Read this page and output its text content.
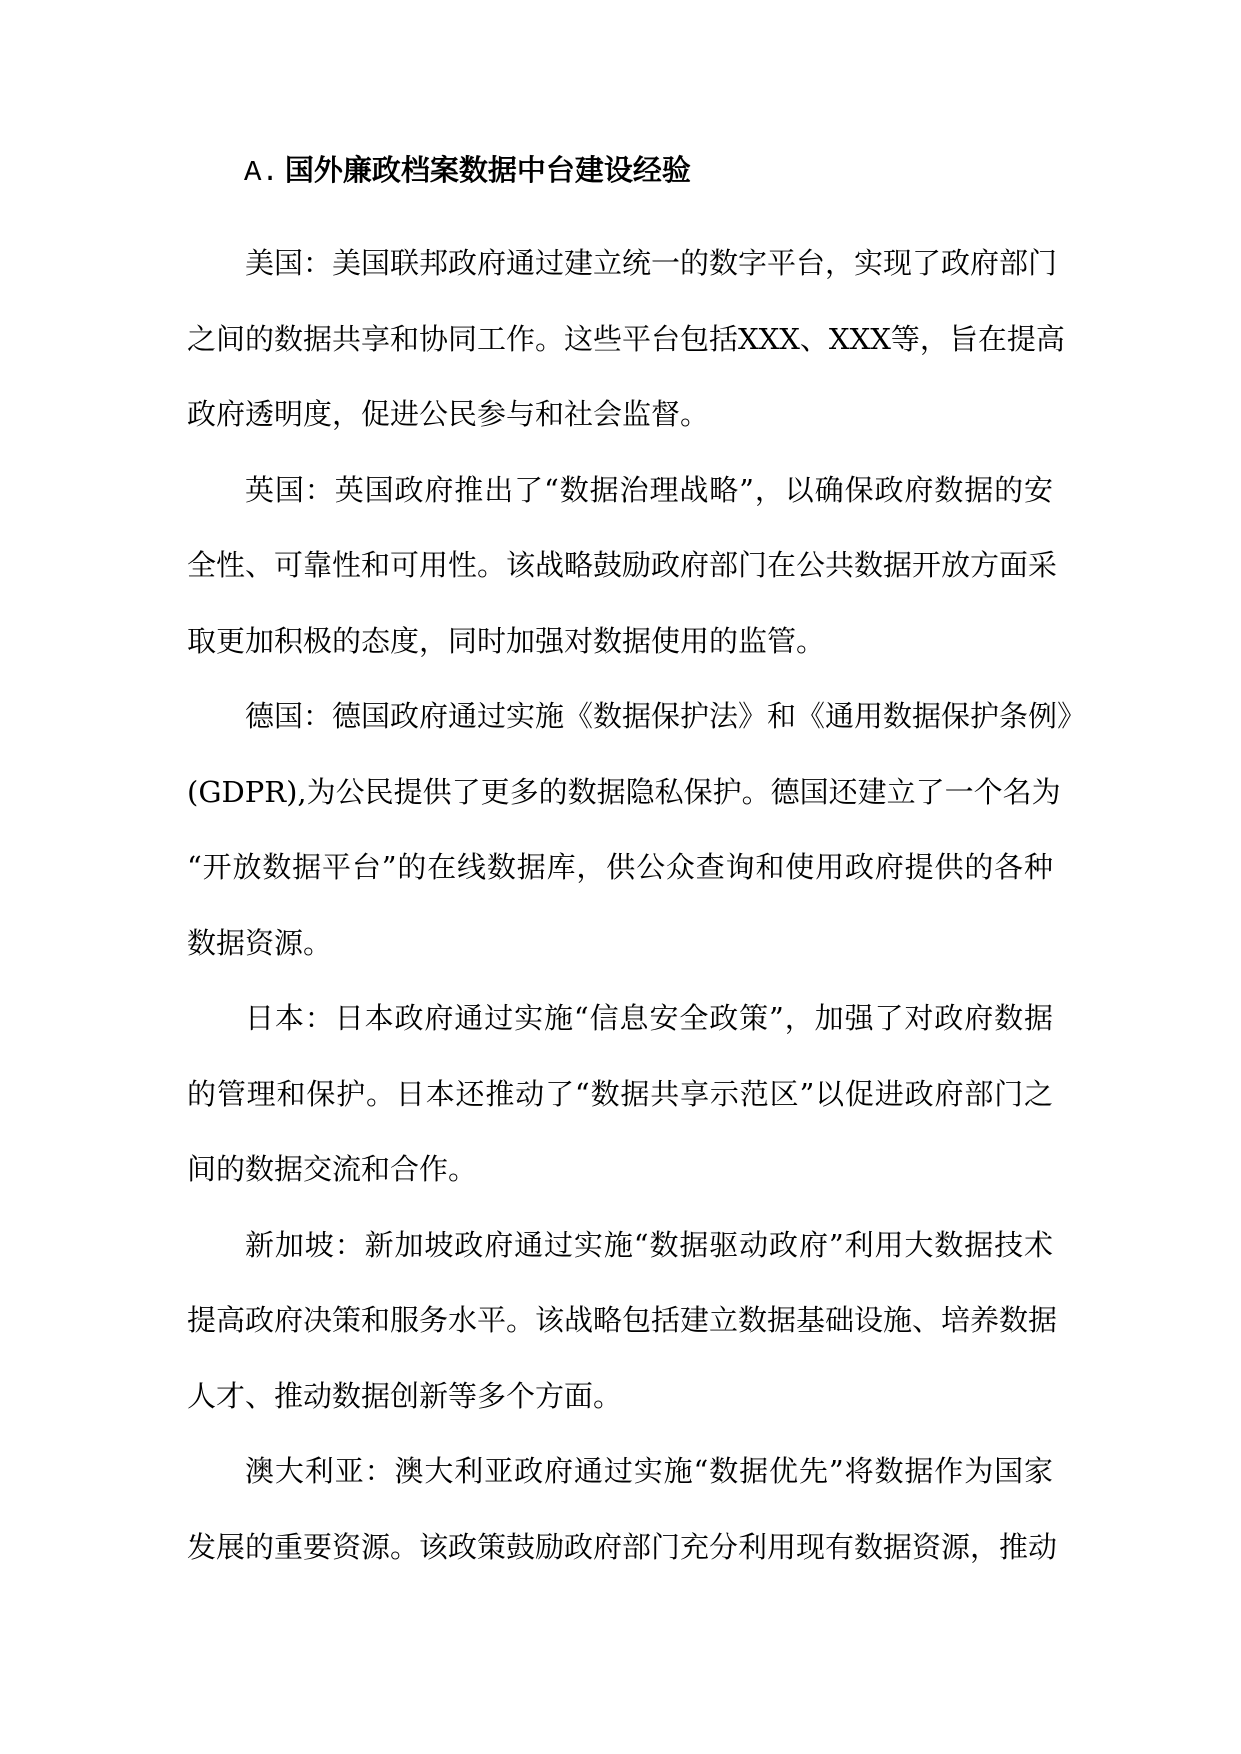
A. 国外廉政档案数据中台建设经验
美国：美国联邦政府通过建立统一的数字平台，实现了政府部门
之间的数据共享和协同工作。这些平台包括XXX、XXX等，旨在提高
政府透明度，促进公民参与和社会监督。
英国：英国政府推出了“数据治理战略”，以确保政府数据的安
全性、可靠性和可用性。该战略鼓励政府部门在公共数据开放方面采
取更加积极的态度，同时加强对数据使用的监管。
德国：德国政府通过实施《数据保护法》和《通用数据保护条例》
(GDPR),为公民提供了更多的数据隐私保护。德国还建立了一个名为
“开放数据平台”的在线数据库，供公众查询和使用政府提供的各种
数据资源。
日本：日本政府通过实施“信息安全政策”，加强了对政府数据
的管理和保护。日本还推动了“数据共享示范区”以促进政府部门之
间的数据交流和合作。
新加坡：新加坡政府通过实施“数据驱动政府”利用大数据技术
提高政府决策和服务水平。该战略包括建立数据基础设施、培养数据
人才、推动数据创新等多个方面。
澳大利亚：澳大利亚政府通过实施“数据优先”将数据作为国家
发展的重要资源。该政策鼓励政府部门充分利用现有数据资源，推动
